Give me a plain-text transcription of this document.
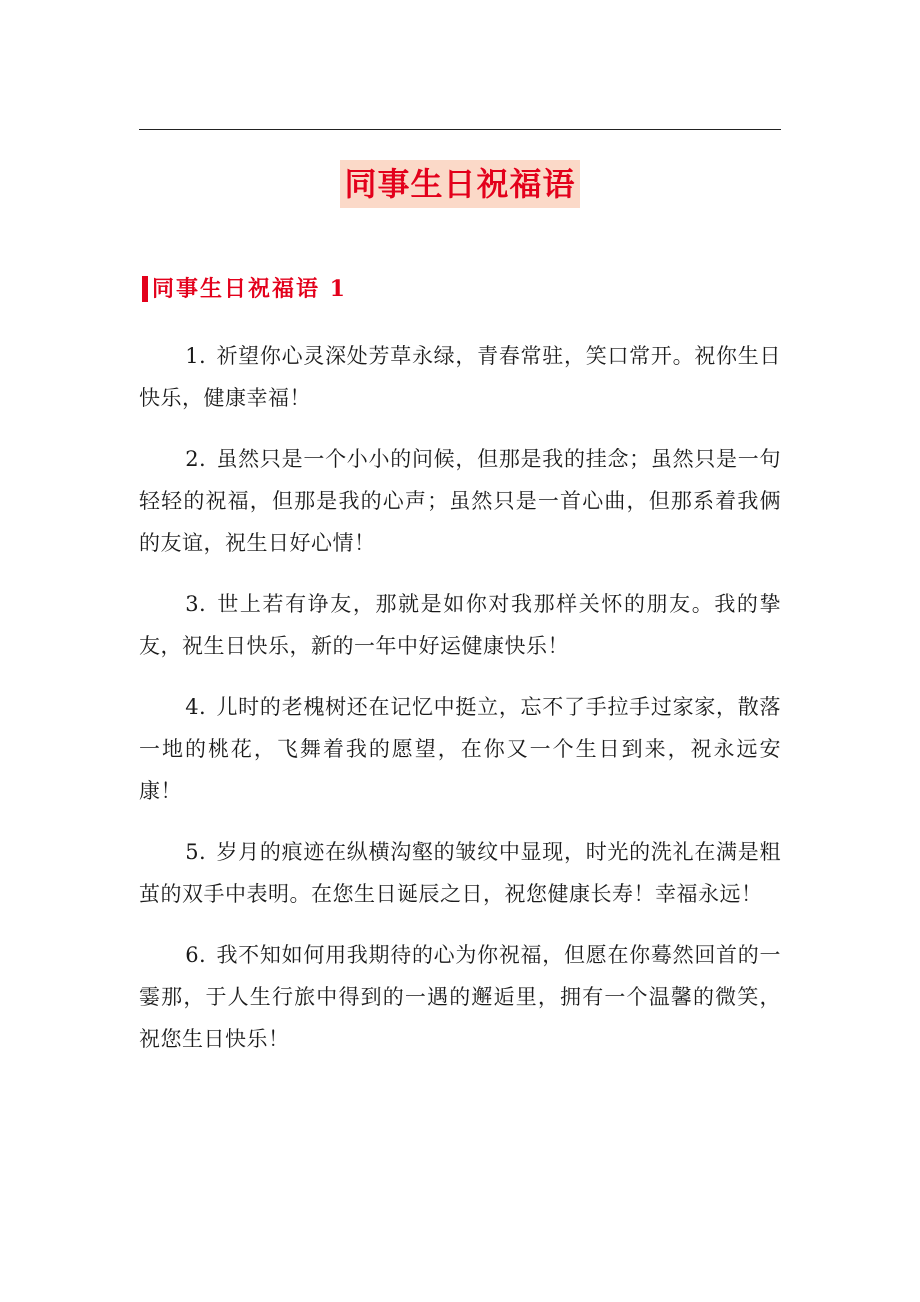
同事生日祝福语
同事生日祝福语 1

1. 祈望你心灵深处芳草永绿，青春常驻，笑口常开。祝你生日快乐，健康幸福！

2. 虽然只是一个小小的问候，但那是我的挂念；虽然只是一句轻轻的祝福，但那是我的心声；虽然只是一首心曲，但那系着我俩的友谊，祝生日好心情！

3. 世上若有诤友，那就是如你对我那样关怀的朋友。我的挚友，祝生日快乐，新的一年中好运健康快乐！

4. 儿时的老槐树还在记忆中挺立，忘不了手拉手过家家，散落一地的桃花，飞舞着我的愿望，在你又一个生日到来，祝永远安康！

5. 岁月的痕迹在纵横沟壑的皱纹中显现，时光的洗礼在满是粗茧的双手中表明。在您生日诞辰之日，祝您健康长寿！幸福永远！

6. 我不知如何用我期待的心为你祝福，但愿在你蓦然回首的一霎那，于人生行旅中得到的一遇的邂逅里，拥有一个温馨的微笑，祝您生日快乐！
